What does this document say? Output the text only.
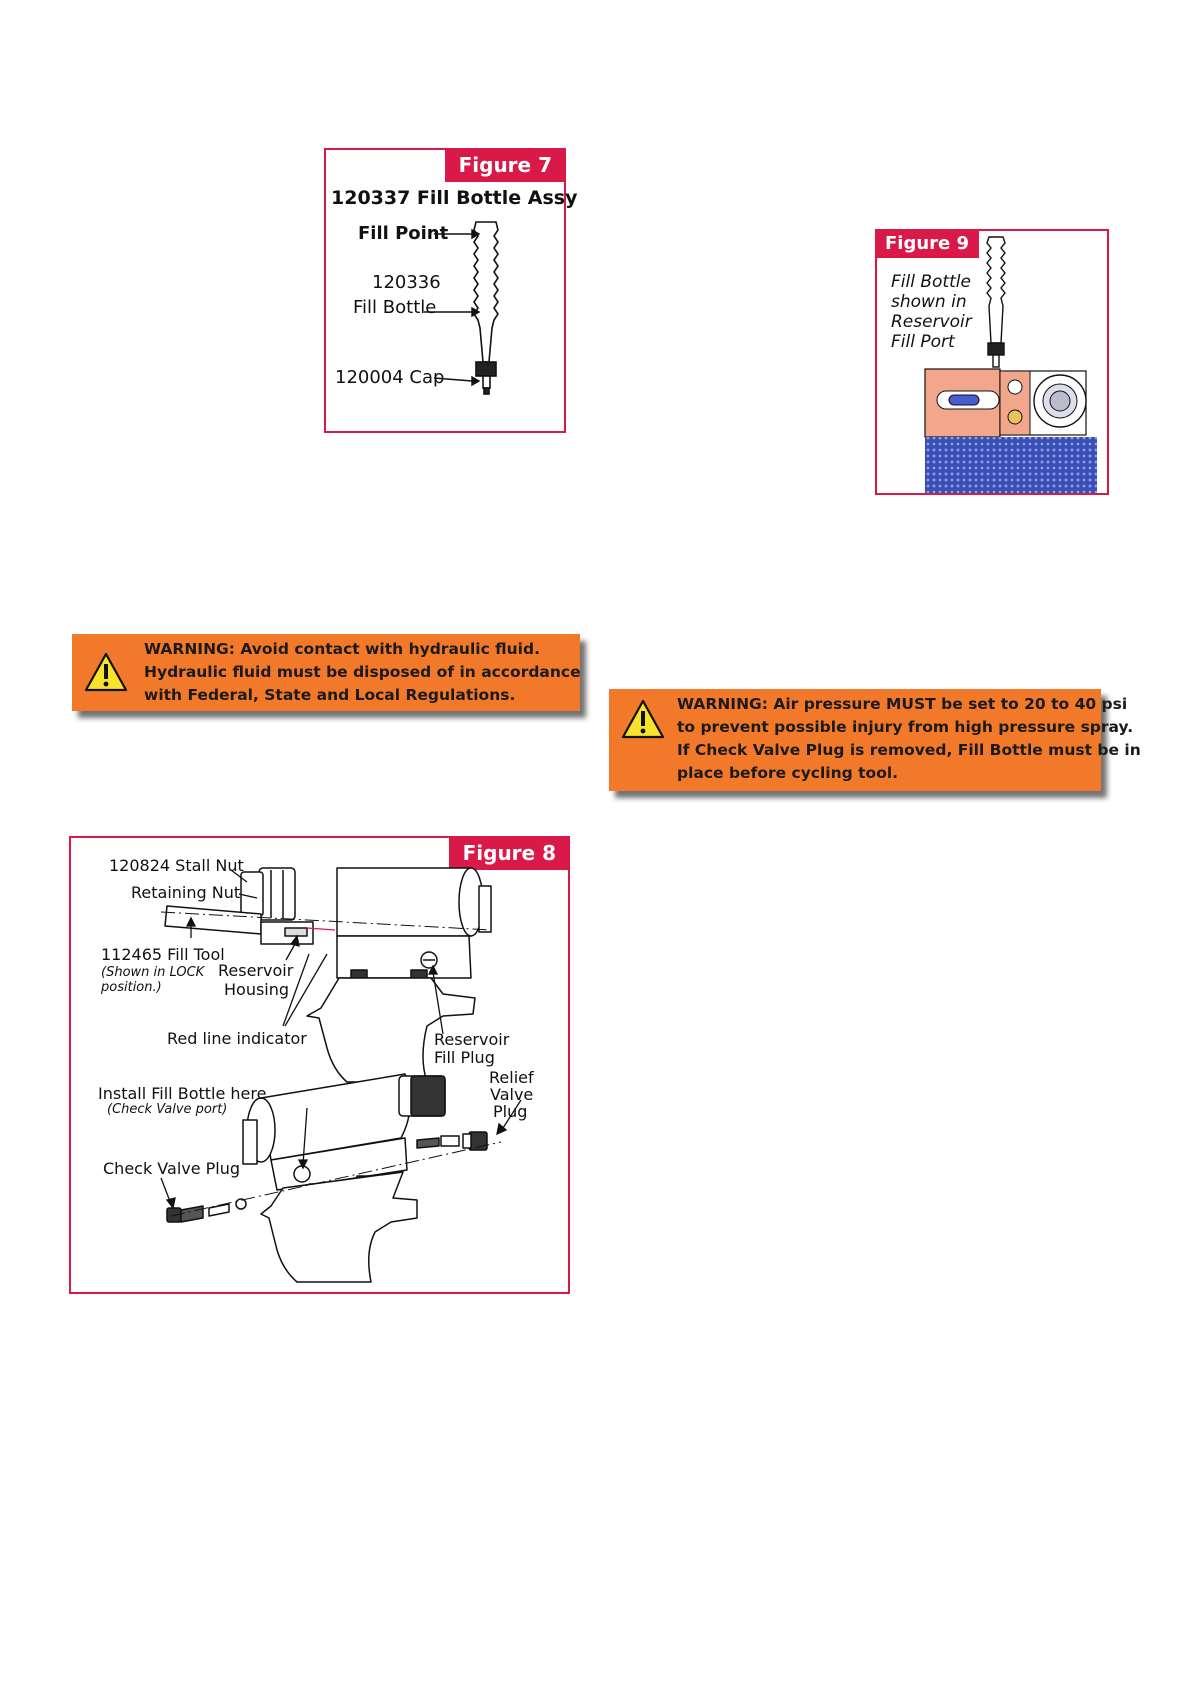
Figure 7
120337 Fill Bottle Assy
Fill Point
120336
Fill Bottle
120004 Cap
Figure 9
Fill Bottle
shown in
Reservoir
Fill Port
WARNING: Avoid contact with hydraulic fluid.
Hydraulic fluid must be disposed of in accordance
with Federal, State and Local Regulations.	WARNING: Air pressure MUST be set to 20 to 40 psi
to prevent possible injury from high pressure spray.
If Check Valve Plug is removed, Fill Bottle must be in
place before cycling tool.
Figure 8
120824 Stall Nut
Retaining Nut
112465 Fill Tool
(Shown in LOCK
position.)
Reservoir
Housing
Red line indicator	Reservoir
Fill Plug
Install Fill Bottle here
(Check Valve port)
Relief
Valve
Plug
Check Valve Plug
